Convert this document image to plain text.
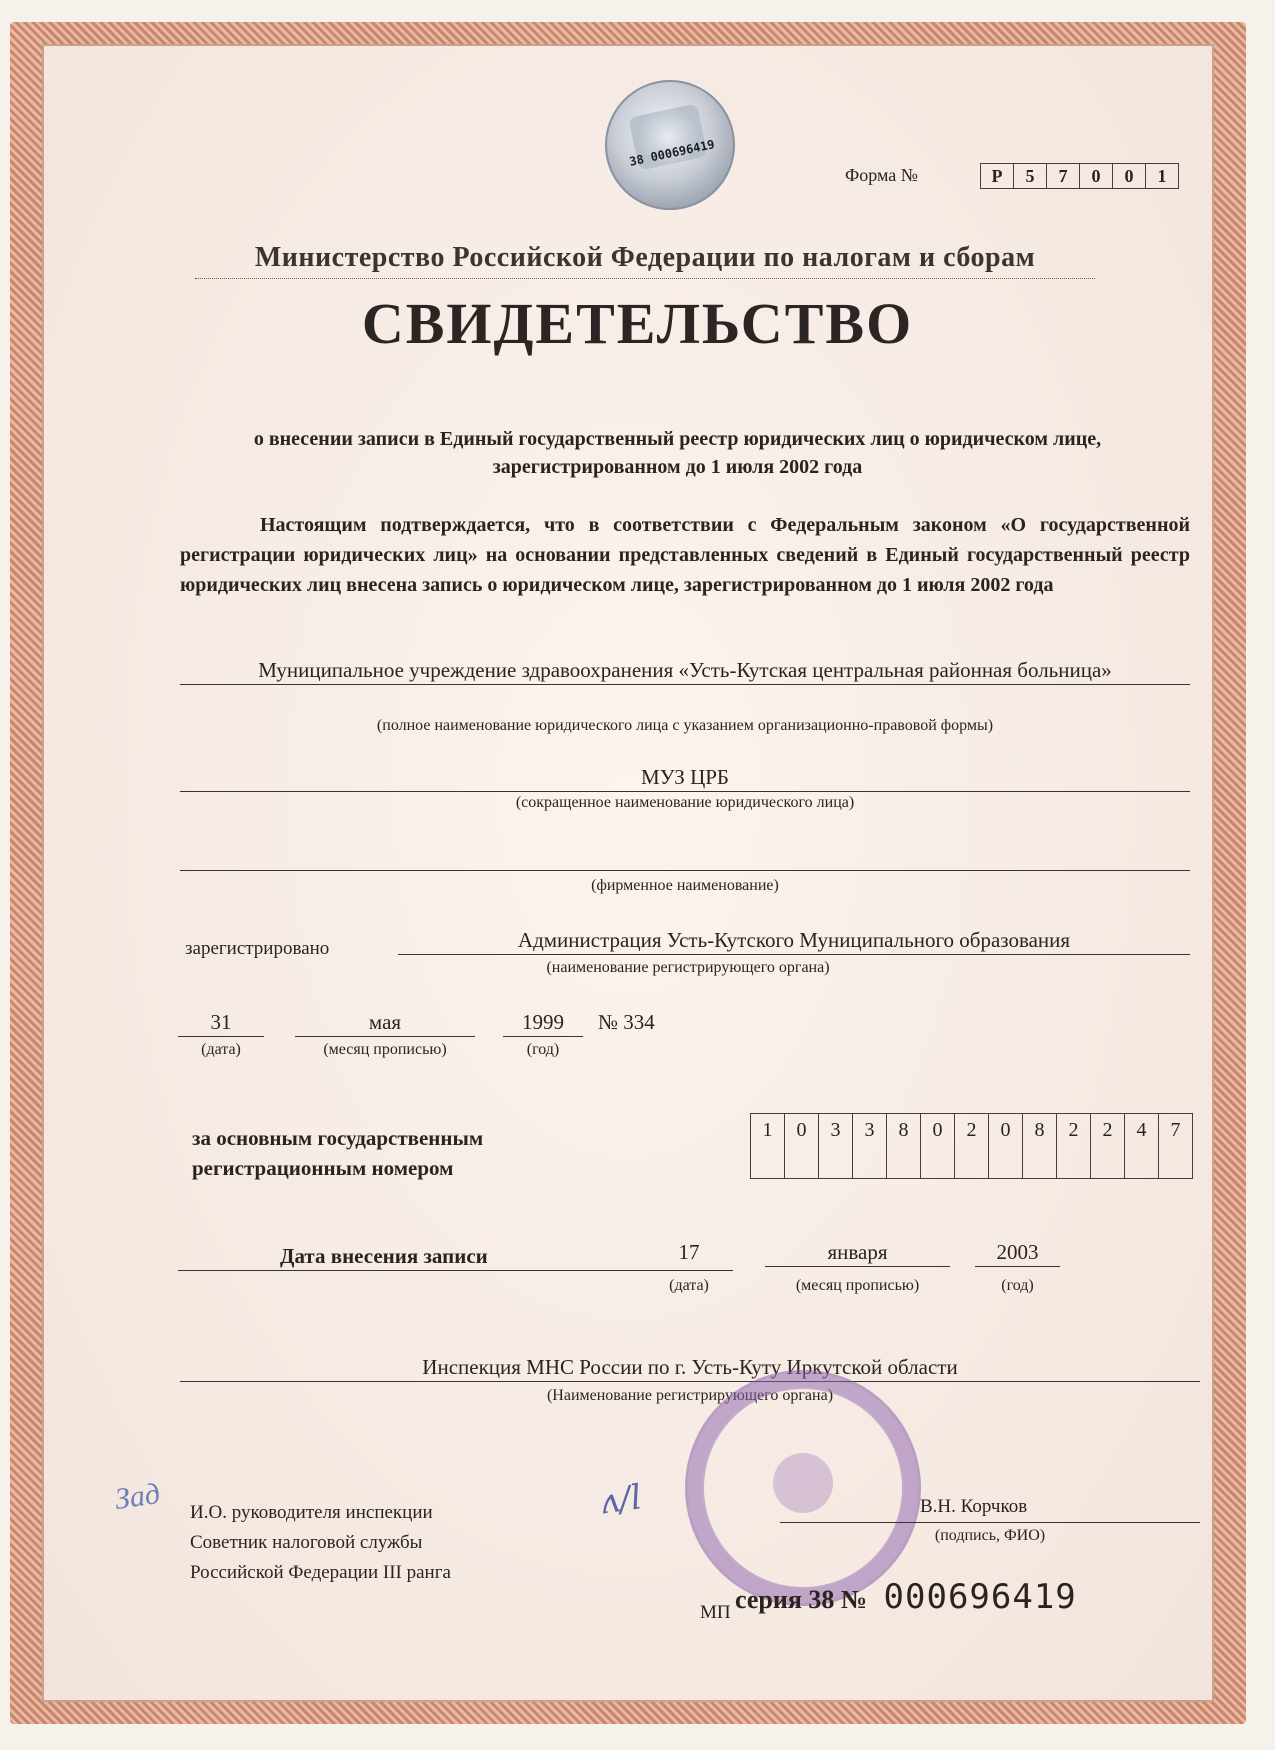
38 000696419
Форма №	Р	5	7	0	0	1
Министерство Российской Федерации по налогам и сборам
СВИДЕТЕЛЬСТВО
о внесении записи в Единый государственный реестр юридических лиц о юридическом лице, зарегистрированном до 1 июля 2002 года
Настоящим подтверждается, что в соответствии с Федеральным законом «О государственной регистрации юридических лиц» на основании представленных сведений в Единый государственный реестр юридических лиц внесена запись о юридическом лице, зарегистрированном до 1 июля 2002 года
Муниципальное учреждение здравоохранения «Усть-Кутская центральная районная больница»
(полное наименование юридического лица с указанием организационно-правовой формы)
МУЗ ЦРБ
(сокращенное наименование юридического лица)
(фирменное наименование)
зарегистрировано	Администрация Усть-Кутского Муниципального образования
(наименование регистрирующего органа)
31
(дата)
мая
(месяц прописью)
1999
(год)
№ 334
за основным государственным
регистрационным номером
1	0	3	3	8	0	2	0	8	2	2	4	7
Дата внесения записи	17
(дата)
января
(месяц прописью)
2003
(год)
Инспекция МНС России по г. Усть-Куту Иркутской области
(Наименование регистрирующего органа)
Зад	ʌ/l
И.О. руководителя инспекции
Советник налоговой службы
Российской Федерации III ранга
В.Н. Корчков
(подпись, ФИО)
серия 38 № 000696419
МП
